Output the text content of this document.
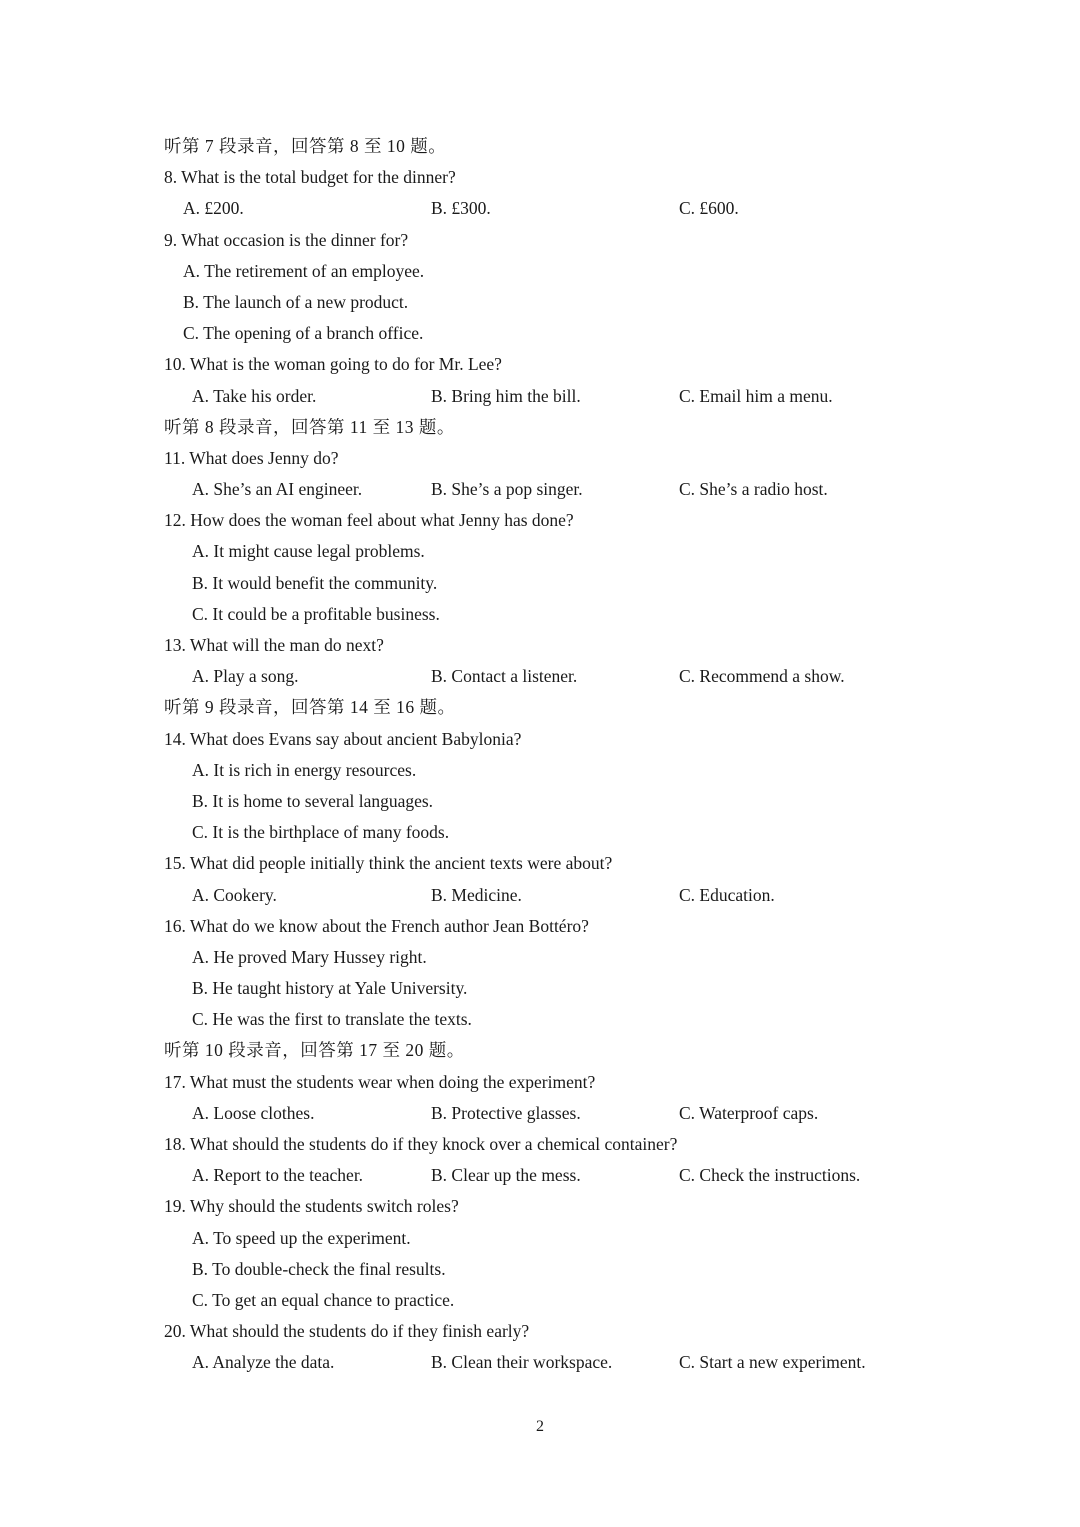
听第 7 段录音，回答第 8 至 10 题。
8. What is the total budget for the dinner?
A. £200.	B. £300.	C. £600.
9. What occasion is the dinner for?
A. The retirement of an employee.
B. The launch of a new product.
C. The opening of a branch office.
10. What is the woman going to do for Mr. Lee?
A. Take his order.	B. Bring him the bill.	C. Email him a menu.
听第 8 段录音，回答第 11 至 13 题。
11. What does Jenny do?
A. She’s an AI engineer.	B. She’s a pop singer.	C. She’s a radio host.
12. How does the woman feel about what Jenny has done?
A. It might cause legal problems.
B. It would benefit the community.
C. It could be a profitable business.
13. What will the man do next?
A. Play a song.	B. Contact a listener.	C. Recommend a show.
听第 9 段录音，回答第 14 至 16 题。
14. What does Evans say about ancient Babylonia?
A. It is rich in energy resources.
B. It is home to several languages.
C. It is the birthplace of many foods.
15. What did people initially think the ancient texts were about?
A. Cookery.	B. Medicine.	C. Education.
16. What do we know about the French author Jean Bottéro?
A. He proved Mary Hussey right.
B. He taught history at Yale University.
C. He was the first to translate the texts.
听第 10 段录音，回答第 17 至 20 题。
17. What must the students wear when doing the experiment?
A. Loose clothes.	B. Protective glasses.	C. Waterproof caps.
18. What should the students do if they knock over a chemical container?
A. Report to the teacher.	B. Clear up the mess.	C. Check the instructions.
19. Why should the students switch roles?
A. To speed up the experiment.
B. To double-check the final results.
C. To get an equal chance to practice.
20. What should the students do if they finish early?
A. Analyze the data.	B. Clean their workspace.	C. Start a new experiment.
2
